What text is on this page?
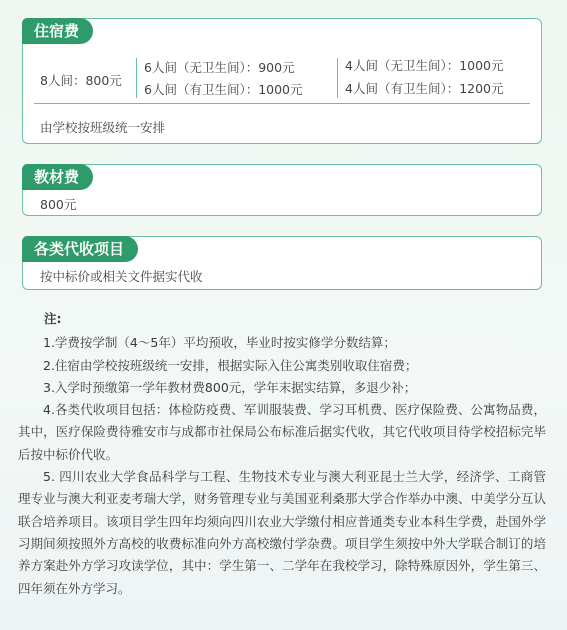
住宿费
8人间：800元
6人间（无卫生间）：900元
6人间（有卫生间）：1000元
4人间（无卫生间）：1000元
4人间（有卫生间）：1200元
由学校按班级统一安排
教材费
800元
各类代收项目
按中标价或相关文件据实代收
注:

1.学费按学制（4～5年）平均预收，毕业时按实修学分数结算；

2.住宿由学校按班级统一安排，根据实际入住公寓类别收取住宿费；

3.入学时预缴第一学年教材费800元，学年末据实结算，多退少补；

4.各类代收项目包括：体检防疫费、军训服装费、学习耳机费、医疗保险费、公寓物品费，其中，医疗保险费待雅安市与成都市社保局公布标准后据实代收，其它代收项目待学校招标完毕后按中标价代收。

5. 四川农业大学食品科学与工程、生物技术专业与澳大利亚昆士兰大学，经济学、工商管理专业与澳大利亚麦考瑞大学，财务管理专业与美国亚利桑那大学合作举办中澳、中美学分互认联合培养项目。该项目学生四年均须向四川农业大学缴付相应普通类专业本科生学费，赴国外学习期间须按照外方高校的收费标准向外方高校缴付学杂费。项目学生须按中外大学联合制订的培养方案赴外方学习攻读学位，其中：学生第一、二学年在我校学习，除特殊原因外，学生第三、四年须在外方学习。
